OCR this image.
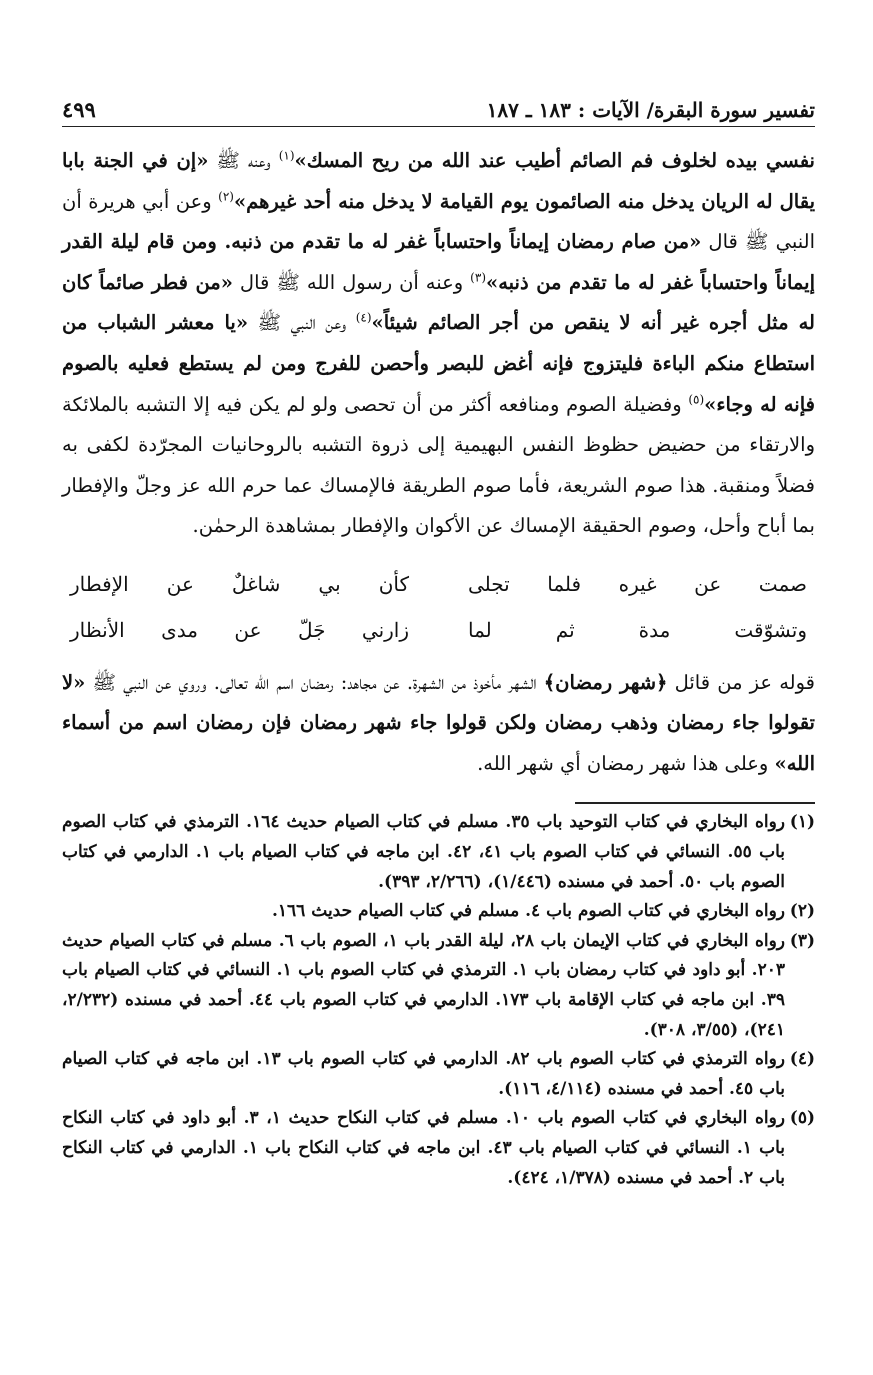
٤٩٩	تفسير سورة البقرة/ الآيات : ١٨٣ ـ ١٨٧
نفسي بيده لخلوف فم الصائم أطيب عند الله من ريح المسك»$^{(١)}$ وعنه ﷺ «إن في الجنة بابا يقال له الريان يدخل منه الصائمون يوم القيامة لا يدخل منه أحد غيرهم»$^{(٢)}$ وعن أبي هريرة أن النبي ﷺ قال «من صام رمضان إيماناً واحتساباً غفر له ما تقدم من ذنبه. ومن قام ليلة القدر إيماناً واحتساباً غفر له ما تقدم من ذنبه»$^{(٣)}$ وعنه أن رسول الله ﷺ قال «من فطر صائماً كان له مثل أجره غير أنه لا ينقص من أجر الصائم شيئاً»$^{(٤)}$ وعن النبي ﷺ «يا معشر الشباب من استطاع منكم الباءة فليتزوج فإنه أغض للبصر وأحصن للفرج ومن لم يستطع فعليه بالصوم فإنه له وجاء»$^{(٥)}$ وفضيلة الصوم ومنافعه أكثر من أن تحصى ولو لم يكن فيه إلا التشبه بالملائكة والارتقاء من حضيض حظوظ النفس البهيمية إلى ذروة التشبه بالروحانيات المجرّدة لكفى به فضلاً ومنقبة. هذا صوم الشريعة، فأما صوم الطريقة فالإمساك عما حرم الله عز وجلّ والإفطار بما أباح وأحل، وصوم الحقيقة الإمساك عن الأكوان والإفطار بمشاهدة الرحمٰن.
صمت عن غيره فلما تجلى
كأن بي شاغلٌ عن الإفطار
وتشوّقت مدة ثم لما
زارني جَلّ عن مدى الأنظار
قوله عز من قائل ﴿شهر رمضان﴾ الشهر مأخوذ من الشهرة. عن مجاهد: رمضان اسم الله تعالى. وروي عن النبي ﷺ «لا تقولوا جاء رمضان وذهب رمضان ولكن قولوا جاء شهر رمضان فإن رمضان اسم من أسماء الله» وعلى هذا شهر رمضان أي شهر الله.
(١)رواه البخاري في كتاب التوحيد باب ٣٥. مسلم في كتاب الصيام حديث ١٦٤. الترمذي في كتاب الصوم باب ٥٥. النسائي في كتاب الصوم باب ٤١، ٤٢. ابن ماجه في كتاب الصيام باب ١. الدارمي في كتاب الصوم باب ٥٠. أحمد في مسنده (١/٤٤٦)، (٢/٢٦٦، ٣٩٣).
(٢)رواه البخاري في كتاب الصوم باب ٤. مسلم في كتاب الصيام حديث ١٦٦.
(٣)رواه البخاري في كتاب الإيمان باب ٢٨، ليلة القدر باب ١، الصوم باب ٦. مسلم في كتاب الصيام حديث ٢٠٣. أبو داود في كتاب رمضان باب ١. الترمذي في كتاب الصوم باب ١. النسائي في كتاب الصيام باب ٣٩. ابن ماجه في كتاب الإقامة باب ١٧٣. الدارمي في كتاب الصوم باب ٤٤. أحمد في مسنده (٢/٢٣٢، ٢٤١)، (٣/٥٥، ٣٠٨).
(٤)رواه الترمذي في كتاب الصوم باب ٨٢. الدارمي في كتاب الصوم باب ١٣. ابن ماجه في كتاب الصيام باب ٤٥. أحمد في مسنده (٤/١١٤، ١١٦).
(٥)رواه البخاري في كتاب الصوم باب ١٠. مسلم في كتاب النكاح حديث ١، ٣. أبو داود في كتاب النكاح باب ١. النسائي في كتاب الصيام باب ٤٣. ابن ماجه في كتاب النكاح باب ١. الدارمي في كتاب النكاح باب ٢. أحمد في مسنده (١/٣٧٨، ٤٢٤).
